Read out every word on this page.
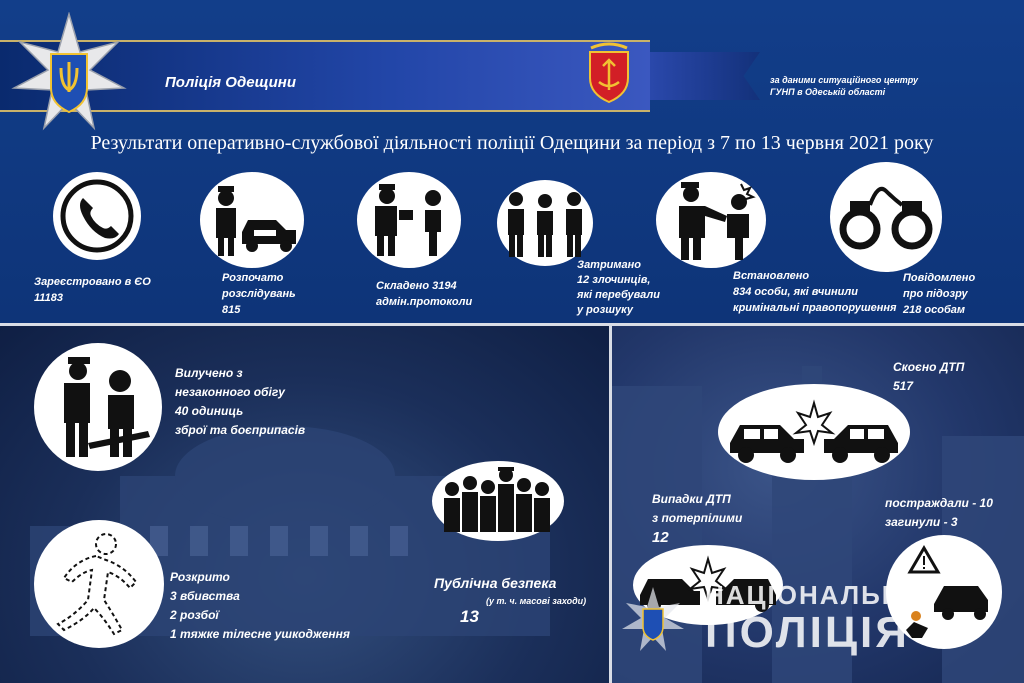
Поліція Одещини	за даними ситуаційного центру
ГУНП в Одеській області
Результати оперативно-службової діяльності поліції Одещини за період з 7 по 13 червня 2021 року
Зареєстровано в ЄО
11183
Розпочато
розслідувань
815
Складено 3194
адмін.протоколи
Затримано
12 злочинців,
які перебували
у розшуку
Встановлено
834 особи, які вчинили
кримінальні правопорушення
Повідомлено
про підозру
218 особам
Вилучено з
незаконного обігу
40 одиниць
зброї та боєприпасів
Публічна безпека
(у т. ч. масові заходи)
13
Розкрито
3 вбивства
2 розбої
1 тяжке тілесне ушкодження
Скоєно ДТП
517
Випадки ДТП
з потерпілими
12
постраждали - 10
загинули - 3
НАЦІОНАЛЬНА
ПОЛІЦІЯ
